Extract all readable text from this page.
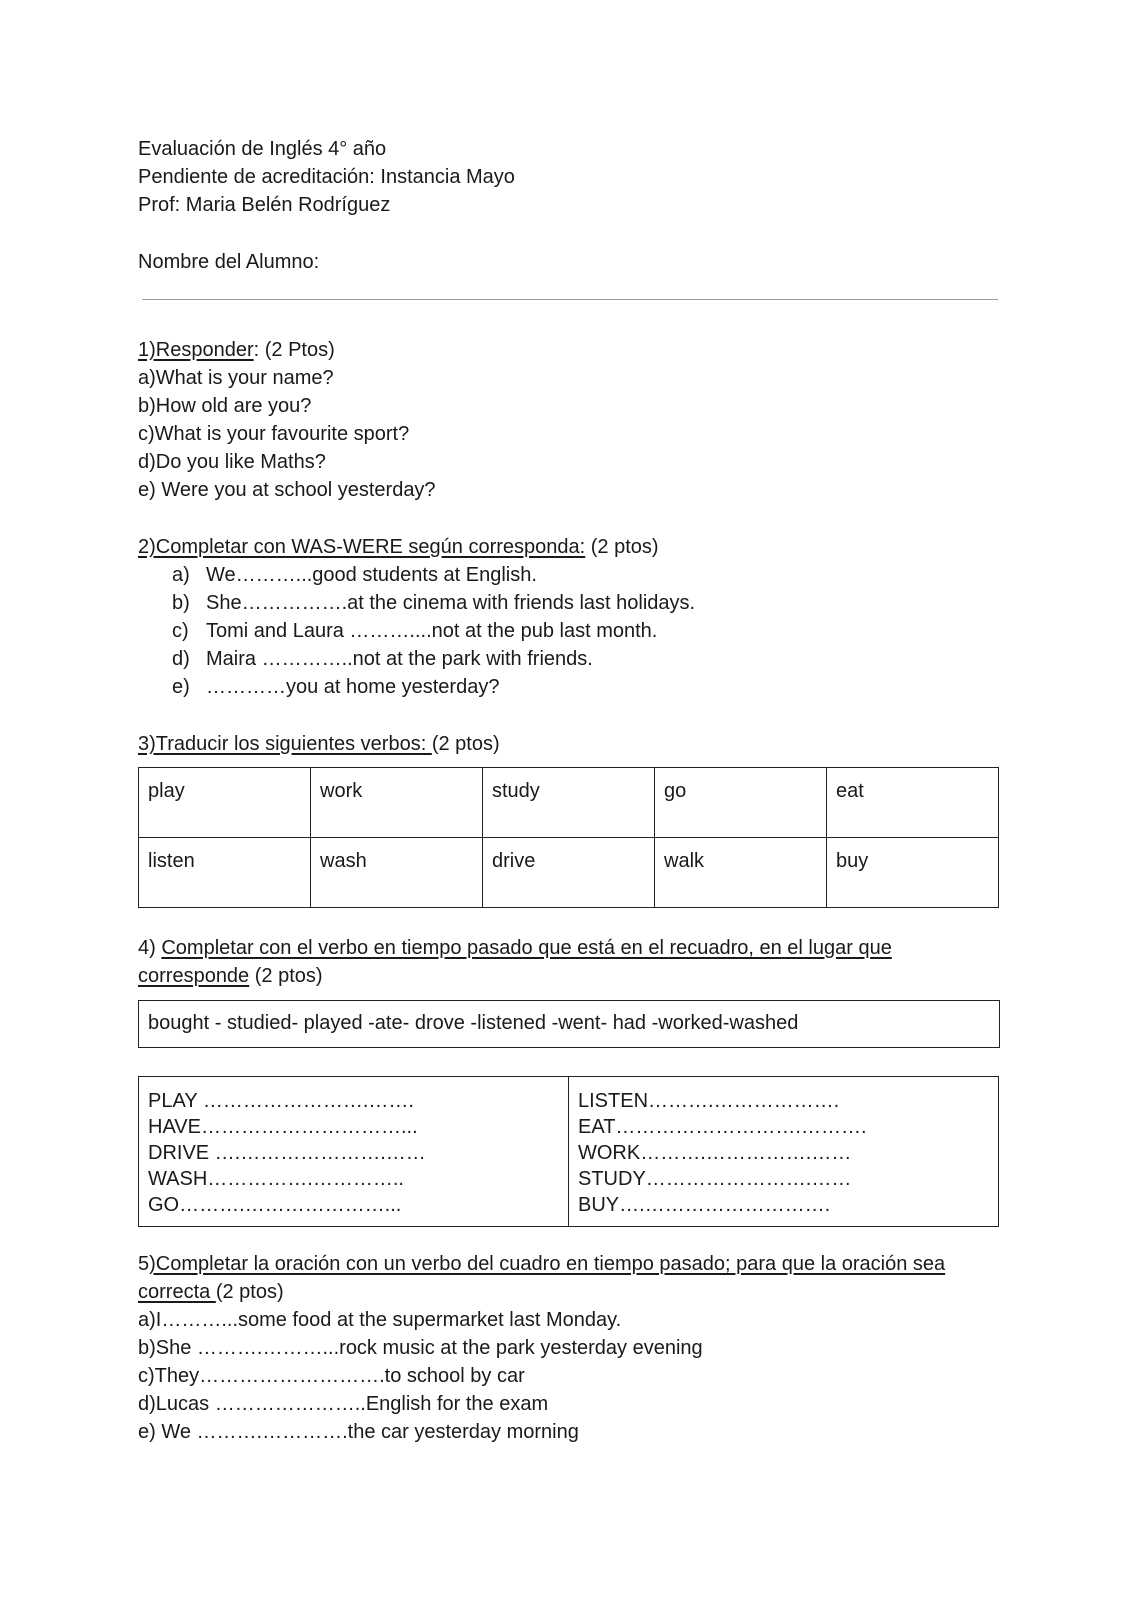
Evaluación de Inglés 4° año
Pendiente de acreditación: Instancia Mayo
Prof: Maria Belén Rodríguez
Nombre del Alumno:
1)Responder: (2 Ptos)
a)What is your name?
b)How old are you?
c)What is your favourite sport?
d)Do you like Maths?
e) Were you at school yesterday?
2)Completar con WAS-WERE según corresponda: (2 ptos)
a) We………...good students at English.
b) She…………….at the cinema with friends last holidays.
c) Tomi and Laura ………....not at the pub last month.
d) Maira …………..not at the park with friends.
e) …………you at home yesterday?
3)Traducir los siguientes verbos: (2 ptos)
play	work	study	go	eat
listen	wash	drive	walk	buy
4) Completar con el verbo en tiempo pasado que está en el recuadro, en el lugar que
corresponde (2 ptos)
bought - studied- played -ate- drove -listened -went- had -worked-washed
PLAY …………………….…….
HAVE…………………………...
DRIVE ….………………….……
WASH…………….…………..
GO……….…………………...

LISTEN……….……………….
EAT……………………….……….
WORK……….…………….……
STUDY…………………….……
BUY….……………………….
5)Completar la oración con un verbo del cuadro en tiempo pasado; para que la oración sea
correcta (2 ptos)
a)I………...some food at the supermarket last Monday.
b)She ……….………...rock music at the park yesterday evening
c)They……………………….to school by car
d)Lucas …………………..English for the exam
e) We ……….………….the car yesterday morning
